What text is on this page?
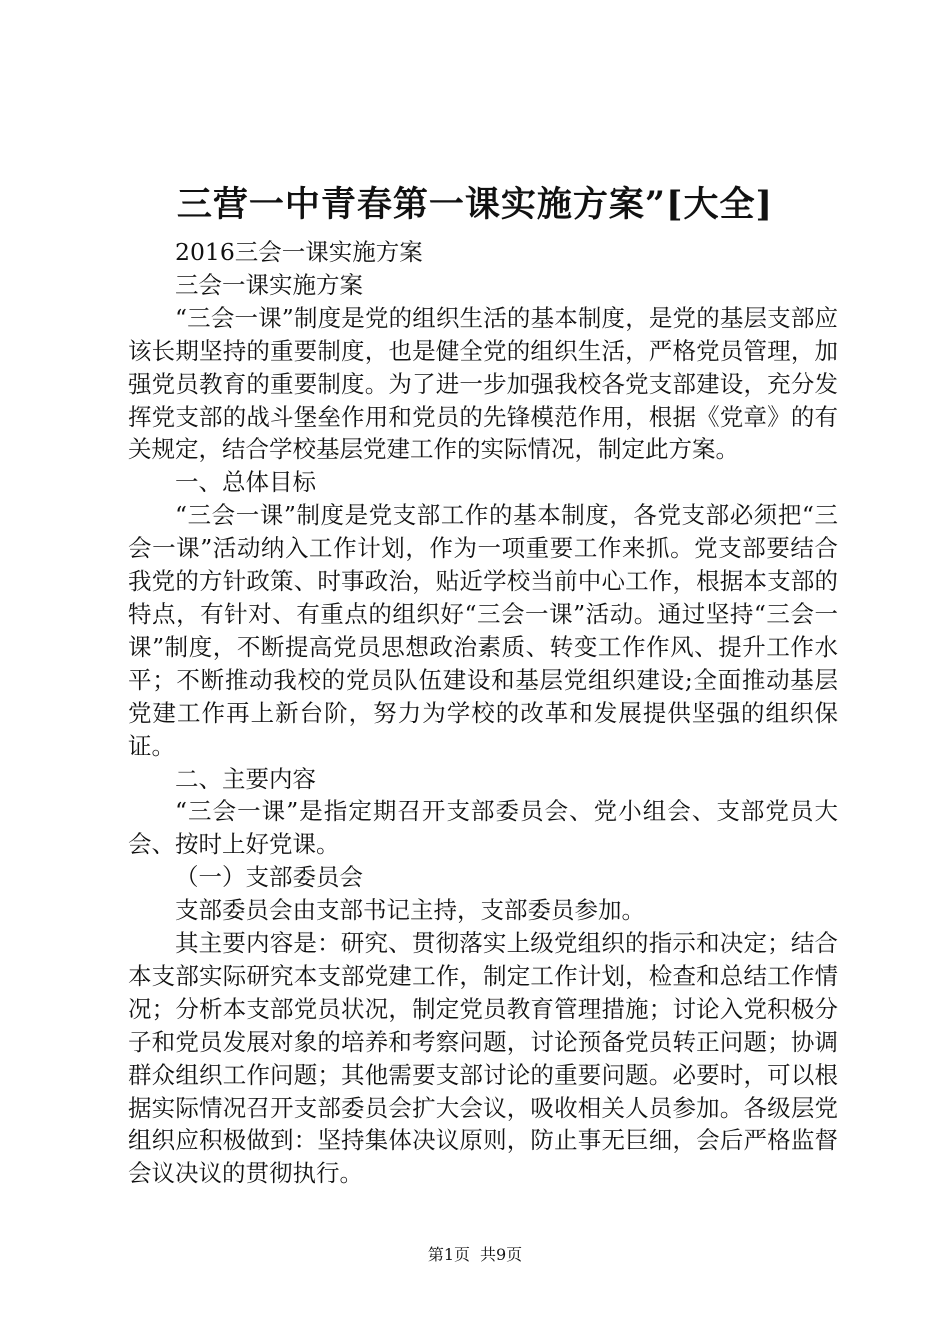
三营一中青春第一课实施方案”[大全]

2016三会一课实施方案

三会一课实施方案

“三会一课”制度是党的组织生活的基本制度，是党的基层支部应该长期坚持的重要制度，也是健全党的组织生活，严格党员管理，加强党员教育的重要制度。为了进一步加强我校各党支部建设，充分发挥党支部的战斗堡垒作用和党员的先锋模范作用，根据《党章》的有关规定，结合学校基层党建工作的实际情况，制定此方案。

一、总体目标

“三会一课”制度是党支部工作的基本制度，各党支部必须把“三会一课”活动纳入工作计划，作为一项重要工作来抓。党支部要结合我党的方针政策、时事政治，贴近学校当前中心工作，根据本支部的特点，有针对、有重点的组织好“三会一课”活动。通过坚持“三会一课”制度，不断提高党员思想政治素质、转变工作作风、提升工作水平；不断推动我校的党员队伍建设和基层党组织建设;全面推动基层党建工作再上新台阶，努力为学校的改革和发展提供坚强的组织保证。

二、主要内容

“三会一课”是指定期召开支部委员会、党小组会、支部党员大会、按时上好党课。

（一）支部委员会

支部委员会由支部书记主持，支部委员参加。

其主要内容是：研究、贯彻落实上级党组织的指示和决定；结合本支部实际研究本支部党建工作，制定工作计划，检查和总结工作情况；分析本支部党员状况，制定党员教育管理措施；讨论入党积极分子和党员发展对象的培养和考察问题，讨论预备党员转正问题；协调群众组织工作问题；其他需要支部讨论的重要问题。必要时，可以根据实际情况召开支部委员会扩大会议，吸收相关人员参加。各级层党组织应积极做到：坚持集体决议原则，防止事无巨细，会后严格监督会议决议的贯彻执行。

第1页 共9页
